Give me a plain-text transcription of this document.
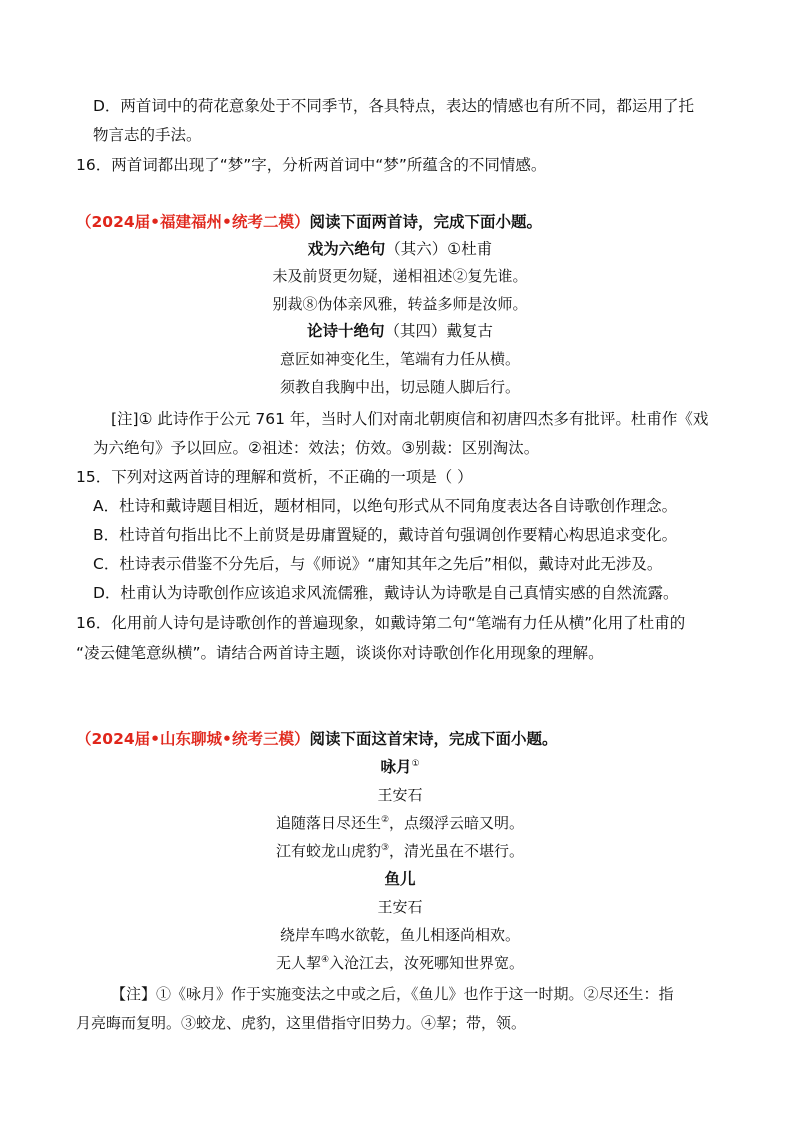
D．两首词中的荷花意象处于不同季节，各具特点，表达的情感也有所不同，都运用了托
物言志的手法。
16．两首词都出现了“梦”字，分析两首词中“梦”所蕴含的不同情感。
（2024届•福建福州•统考二模）阅读下面两首诗，完成下面小题。
戏为六绝句（其六）①杜甫
未及前贤更勿疑，递相祖述②复先谁。
别裁⑧伪体亲风雅，转益多师是汝师。
论诗十绝句（其四）戴复古
意匠如神变化生，笔端有力任从横。
须教自我胸中出，切忌随人脚后行。
[注]① 此诗作于公元 761 年，当时人们对南北朝庾信和初唐四杰多有批评。杜甫作《戏
为六绝句》予以回应。②祖述：效法；仿效。③别裁：区别淘汰。
15．下列对这两首诗的理解和赏析，不正确的一项是（ ）
A．杜诗和戴诗题目相近，题材相同，以绝句形式从不同角度表达各自诗歌创作理念。
B．杜诗首句指出比不上前贤是毋庸置疑的，戴诗首句强调创作要精心构思追求变化。
C．杜诗表示借鉴不分先后，与《师说》“庸知其年之先后”相似，戴诗对此无涉及。
D．杜甫认为诗歌创作应该追求风流儒雅，戴诗认为诗歌是自己真情实感的自然流露。
16．化用前人诗句是诗歌创作的普遍现象，如戴诗第二句“笔端有力任从横”化用了杜甫的
“凌云健笔意纵横”。请结合两首诗主题，谈谈你对诗歌创作化用现象的理解。
（2024届•山东聊城•统考三模）阅读下面这首宋诗，完成下面小题。
咏月①
王安石
追随落日尽还生②，点缀浮云暗又明。
江有蛟龙山虎豹③，清光虽在不堪行。
鱼儿
王安石
绕岸车鸣水欲乾，鱼儿相逐尚相欢。
无人挈④入沧江去，汝死哪知世界宽。
【注】①《咏月》作于实施变法之中或之后，《鱼儿》也作于这一时期。②尽还生：指
月亮晦而复明。③蛟龙、虎豹，这里借指守旧势力。④挈；带，领。
